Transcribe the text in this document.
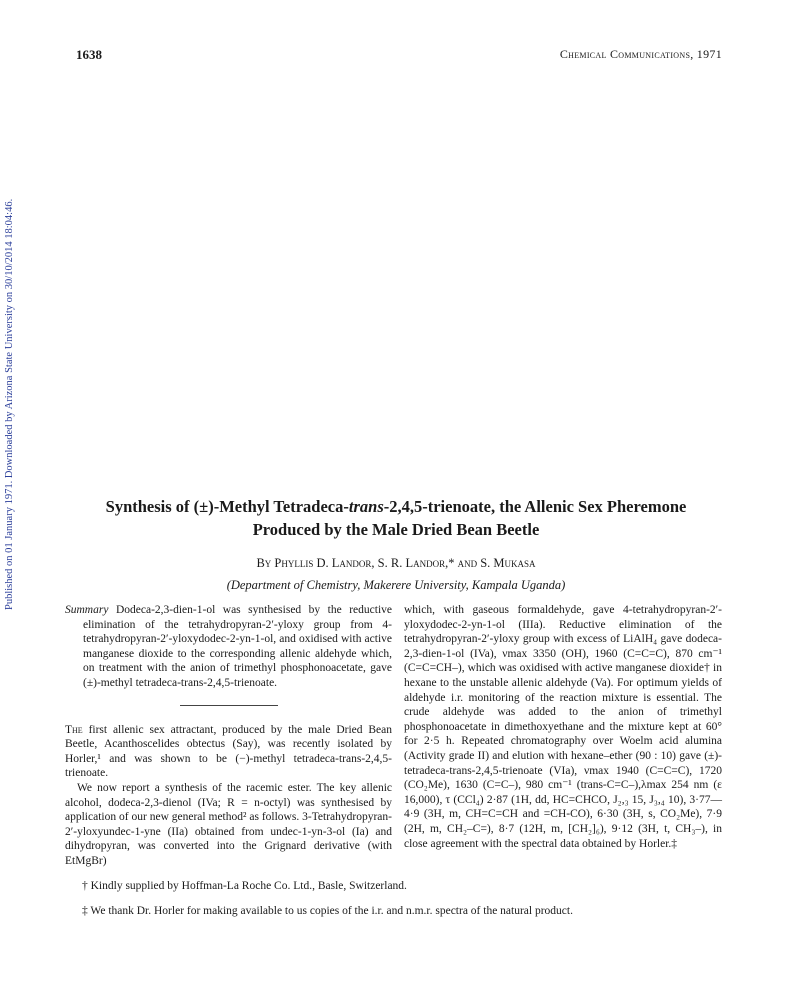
1638	Chemical Communications, 1971
Published on 01 January 1971. Downloaded by Arizona State University on 30/10/2014 18:04:46.	Synthesis of (±)-Methyl Tetradeca-trans-2,4,5-trienoate, the Allenic Sex Pheremone Produced by the Male Dried Bean Beetle
By Phyllis D. Landor, S. R. Landor,* and S. Mukasa
(Department of Chemistry, Makerere University, Kampala Uganda)

Summary Dodeca-2,3-dien-1-ol was synthesised by the reductive elimination of the tetrahydropyran-2′-yloxy group from 4-tetrahydropyran-2′-yloxydodec-2-yn-1-ol, and oxidised with active manganese dioxide to the corresponding allenic aldehyde which, on treatment with the anion of trimethyl phosphonoacetate, gave (±)-methyl tetradeca-trans-2,4,5-trienoate.

The first allenic sex attractant, produced by the male Dried Bean Beetle, Acanthoscelides obtectus (Say), was recently isolated by Horler,¹ and was shown to be (−)-methyl tetradeca-trans-2,4,5-trienoate.

We now report a synthesis of the racemic ester. The key allenic alcohol, dodeca-2,3-dienol (IVa; R = n-octyl) was synthesised by application of our new general method² as follows. 3-Tetrahydropyran-2′-yloxyundec-1-yne (IIa) obtained from undec-1-yn-3-ol (Ia) and dihydropyran, was converted into the Grignard derivative (with EtMgBr)

which, with gaseous formaldehyde, gave 4-tetrahydropyran-2′-yloxydodec-2-yn-1-ol (IIIa). Reductive elimination of the tetrahydropyran-2′-yloxy group with excess of LiAlH₄ gave dodeca-2,3-dien-1-ol (IVa), νmax 3350 (OH), 1960 (C=C=C), 870 cm⁻¹ (C=C=CH–), which was oxidised with active manganese dioxide† in hexane to the unstable allenic aldehyde (Va). For optimum yields of aldehyde i.r. monitoring of the reaction mixture is essential. The crude aldehyde was added to the anion of trimethyl phosphonoacetate in dimethoxyethane and the mixture kept at 60° for 2·5 h. Repeated chromatography over Woelm acid alumina (Activity grade II) and elution with hexane–ether (90 : 10) gave (±)-tetradeca-trans-2,4,5-trienoate (VIa), νmax 1940 (C=C=C), 1720 (CO₂Me), 1630 (C=C–), 980 cm⁻¹ (trans-C=C–),λmax 254 nm (ε 16,000), τ (CCl₄) 2·87 (1H, dd, HC=CHCO, J₂,₃ 15, J₃,₄ 10), 3·77—4·9 (3H, m, CH=C=CH and =CH-CO), 6·30 (3H, s, CO₂Me), 7·9 (2H, m, CH₂–C=), 8·7 (12H, m, [CH₂]₆), 9·12 (3H, t, CH₃–), in close agreement with the spectral data obtained by Horler.‡

† Kindly supplied by Hoffman-La Roche Co. Ltd., Basle, Switzerland.
‡ We thank Dr. Horler for making available to us copies of the i.r. and n.m.r. spectra of the natural product.
